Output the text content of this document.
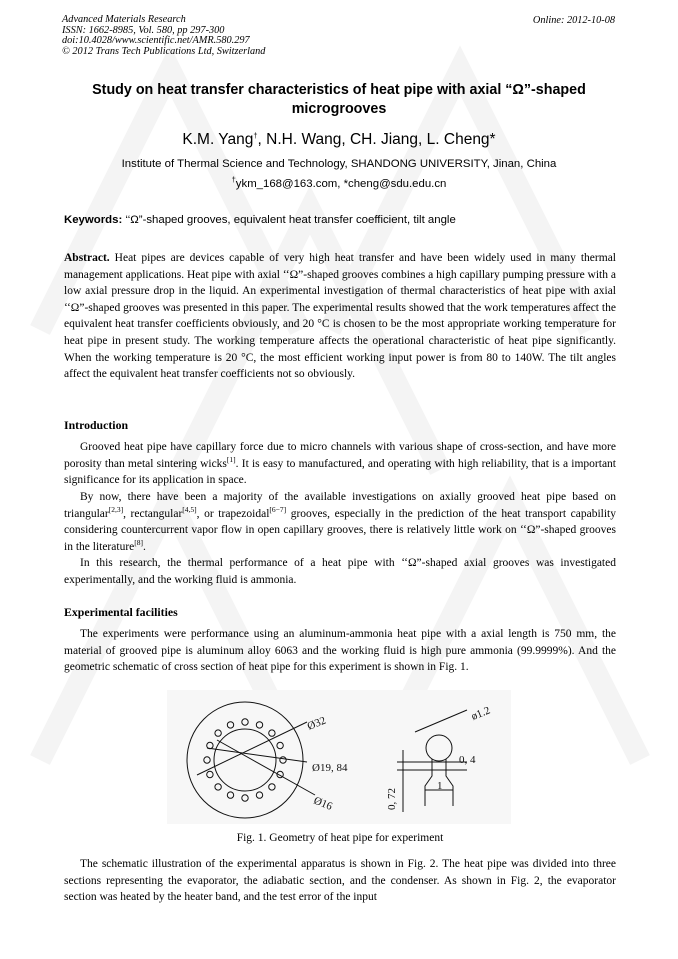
Advanced Materials Research
ISSN: 1662-8985, Vol. 580, pp 297-300
doi:10.4028/www.scientific.net/AMR.580.297
© 2012 Trans Tech Publications Ltd, Switzerland
Online: 2012-10-08
Study on heat transfer characteristics of heat pipe with axial “Ω”-shaped microgrooves
K.M. Yang†, N.H. Wang, CH. Jiang, L. Cheng*
Institute of Thermal Science and Technology, SHANDONG UNIVERSITY, Jinan, China
†ykm_168@163.com, *cheng@sdu.edu.cn
Keywords: ‘‘Ω”-shaped grooves, equivalent heat transfer coefficient, tilt angle
Abstract. Heat pipes are devices capable of very high heat transfer and have been widely used in many thermal management applications. Heat pipe with axial ‘‘Ω”-shaped grooves combines a high capillary pumping pressure with a low axial pressure drop in the liquid. An experimental investigation of thermal characteristics of heat pipe with axial ‘‘Ω”-shaped grooves was presented in this paper. The experimental results showed that the work temperatures affect the equivalent heat transfer coefficients obviously, and 20 °C is chosen to be the most appropriate working temperature for heat pipe in present study. The working temperature affects the operational characteristic of heat pipe significantly. When the working temperature is 20 °C, the most efficient working input power is from 80 to 140W. The tilt angles affect the equivalent heat transfer coefficients not so obviously.
Introduction
Grooved heat pipe have capillary force due to micro channels with various shape of cross-section, and have more porosity than metal sintering wicks[1]. It is easy to manufactured, and operating with high reliability, that is a important significance for its application in space.
By now, there have been a majority of the available investigations on axially grooved heat pipe based on triangular[2,3], rectangular[4,5], or trapezoidal[6−7] grooves, especially in the prediction of the heat transport capability considering countercurrent vapor flow in open capillary grooves, there is relatively little work on ‘‘Ω”-shaped grooves in the literature[8].
In this research, the thermal performance of a heat pipe with ‘‘Ω”-shaped axial grooves was investigated experimentally, and the working fluid is ammonia.
Experimental facilities
The experiments were performance using an aluminum-ammonia heat pipe with a axial length is 750 mm, the material of grooved pipe is aluminum alloy 6063 and the working fluid is high pure ammonia (99.9999%). And the geometric schematic of cross section of heat pipe for this experiment is shown in Fig. 1.
Ø32
Ø19, 84
Ø16
ø1.2
0, 4
0, 72
1
Fig. 1. Geometry of heat pipe for experiment
The schematic illustration of the experimental apparatus is shown in Fig. 2. The heat pipe was divided into three sections representing the evaporator, the adiabatic section, and the condenser. As shown in Fig. 2, the evaporator section was heated by the heater band, and the test error of the input
